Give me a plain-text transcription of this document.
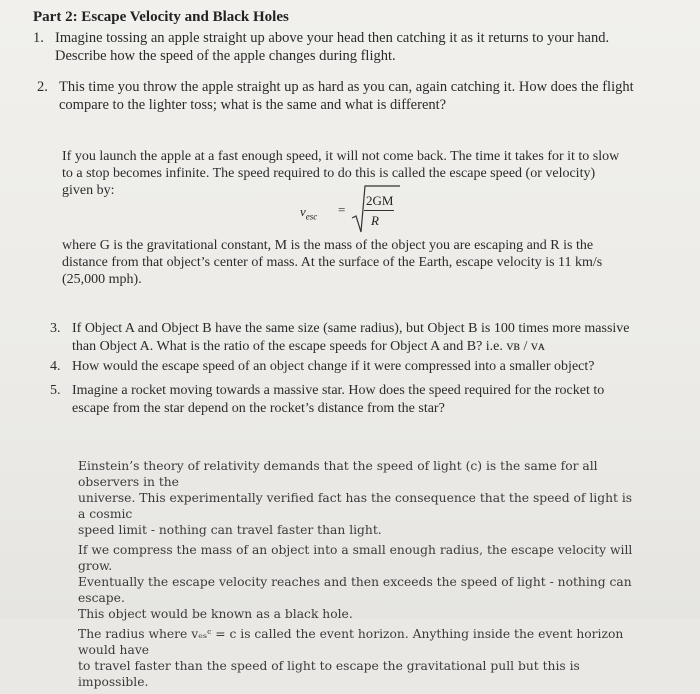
Part 2: Escape Velocity and Black Holes
1. Imagine tossing an apple straight up above your head then catching it as it returns to your hand.
Describe how the speed of the apple changes during flight.
2. This time you throw the apple straight up as hard as you can, again catching it. How does the flight
compare to the lighter toss; what is the same and what is different?
If you launch the apple at a fast enough speed, it will not come back. The time it takes for it to slow
to a stop becomes infinite. The speed required to do this is called the escape speed (or velocity)
given by:
$v_{esc}$ =
2GM
R
where G is the gravitational constant, M is the mass of the object you are escaping and R is the
distance from that object’s center of mass. At the surface of the Earth, escape velocity is 11 km/s
(25,000 mph).
3. If Object A and Object B have the same size (same radius), but Object B is 100 times more massive
than Object A. What is the ratio of the escape speeds for Object A and B? i.e. vʙ / vᴀ
4. How would the escape speed of an object change if it were compressed into a smaller object?
5. Imagine a rocket moving towards a massive star. How does the speed required for the rocket to
escape from the star depend on the rocket’s distance from the star?

Einstein’s theory of relativity demands that the speed of light (c) is the same for all observers in the
universe. This experimentally verified fact has the consequence that the speed of light is a cosmic
speed limit - nothing can travel faster than light.

If we compress the mass of an object into a small enough radius, the escape velocity will grow.
Eventually the escape velocity reaches and then exceeds the speed of light - nothing can escape.
This object would be known as a black hole.

The radius where vₑₛᶜ = c is called the event horizon. Anything inside the event horizon would have
to travel faster than the speed of light to escape the gravitational pull but this is impossible.
